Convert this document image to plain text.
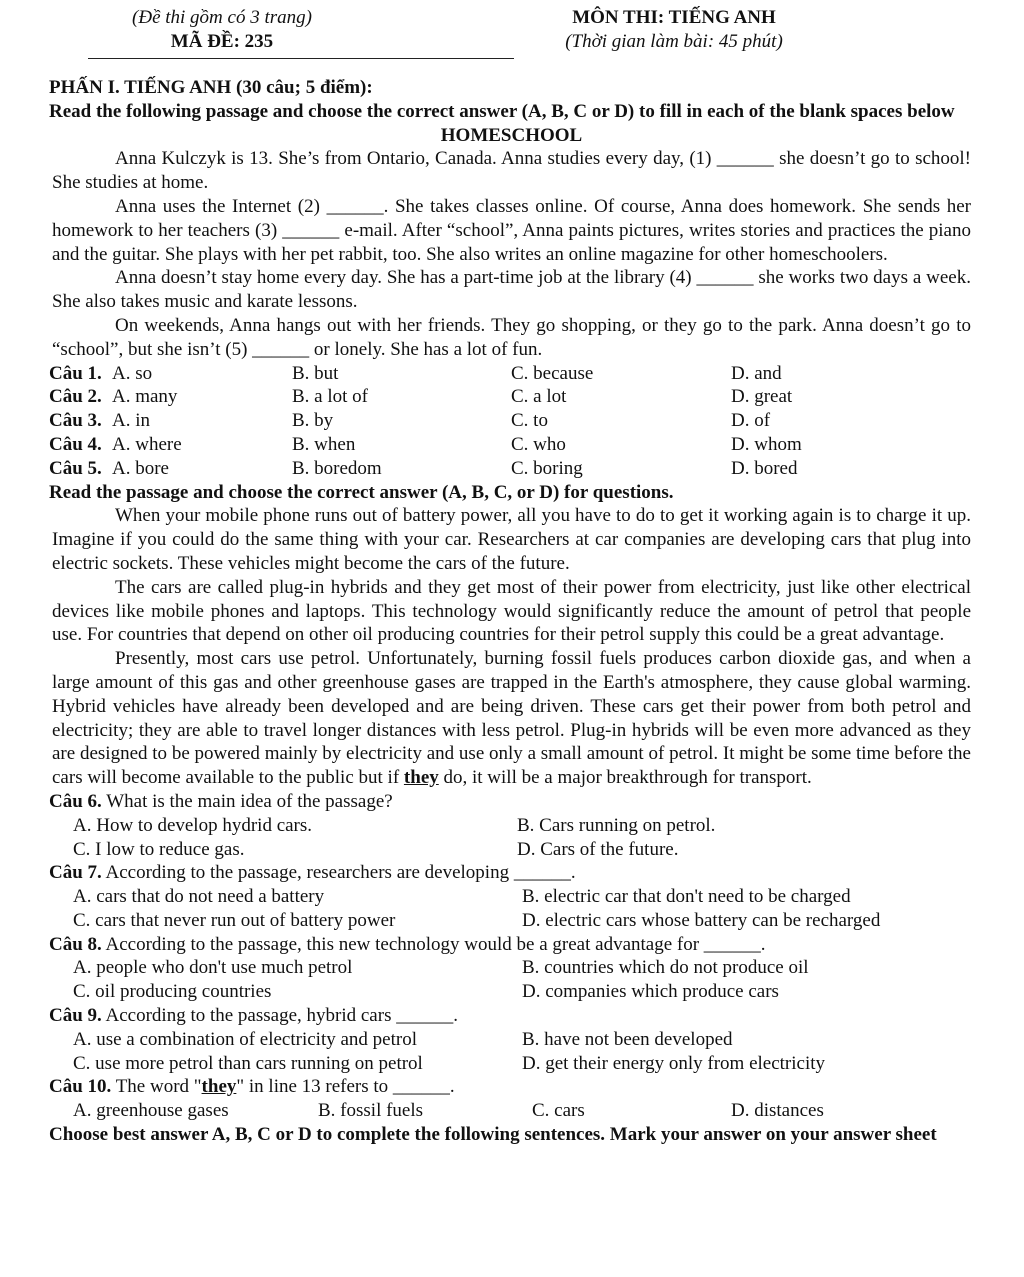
(Đề thi gồm có 3 trang)
MÃ ĐỀ: 235
MÔN THI: TIẾNG ANH
(Thời gian làm bài: 45 phút)

PHẤN I. TIẾNG ANH (30 câu; 5 điểm):

Read the following passage and choose the correct answer (A, B, C or D) to fill in each of the blank spaces below

HOMESCHOOL

Anna Kulczyk is 13. She’s from Ontario, Canada. Anna studies every day, (1) ______ she doesn’t go to school! She studies at home.

Anna uses the Internet (2) ______. She takes classes online. Of course, Anna does homework. She sends her homework to her teachers (3) ______ e-mail. After “school”, Anna paints pictures, writes stories and practices the piano and the guitar. She plays with her pet rabbit, too. She also writes an online magazine for other homeschoolers.

Anna doesn’t stay home every day. She has a part-time job at the library (4) ______ she works two days a week. She also takes music and karate lessons.

On weekends, Anna hangs out with her friends. They go shopping, or they go to the park. Anna doesn’t go to “school”, but she isn’t (5) ______ or lonely. She has a lot of fun.

Câu 1. A. so	B. but	C. because	D. and
Câu 2. A. many	B. a lot of	C. a lot	D. great
Câu 3. A. in	B. by	C. to	D. of
Câu 4. A. where	B. when	C. who	D. whom
Câu 5. A. bore	B. boredom	C. boring	D. bored

Read the passage and choose the correct answer (A, B, C, or D) for questions.

When your mobile phone runs out of battery power, all you have to do to get it working again is to charge it up. Imagine if you could do the same thing with your car. Researchers at car companies are developing cars that plug into electric sockets. These vehicles might become the cars of the future.

The cars are called plug-in hybrids and they get most of their power from electricity, just like other electrical devices like mobile phones and laptops. This technology would significantly reduce the amount of petrol that people use. For countries that depend on other oil producing countries for their petrol supply this could be a great advantage.

Presently, most cars use petrol. Unfortunately, burning fossil fuels produces carbon dioxide gas, and when a large amount of this gas and other greenhouse gases are trapped in the Earth's atmosphere, they cause global warming. Hybrid vehicles have already been developed and are being driven. These cars get their power from both petrol and electricity; they are able to travel longer distances with less petrol. Plug-in hybrids will be even more advanced as they are designed to be powered mainly by electricity and use only a small amount of petrol. It might be some time before the cars will become available to the public but if they do, it will be a major breakthrough for transport.

Câu 6. What is the main idea of the passage?

A. How to develop hydrid cars.	B. Cars running on petrol.
C. I low to reduce gas.	D. Cars of the future.

Câu 7. According to the passage, researchers are developing ______.

A. cars that do not need a battery	B. electric car that don't need to be charged
C. cars that never run out of battery power	D. electric cars whose battery can be recharged

Câu 8. According to the passage, this new technology would be a great advantage for ______.

A. people who don't use much petrol	B. countries which do not produce oil
C. oil producing countries	D. companies which produce cars

Câu 9. According to the passage, hybrid cars ______.

A. use a combination of electricity and petrol	B. have not been developed
C. use more petrol than cars running on petrol	D. get their energy only from electricity

Câu 10. The word "they" in line 13 refers to ______.

A. greenhouse gases	B. fossil fuels	C. cars	D. distances

Choose best answer A, B, C or D to complete the following sentences. Mark your answer on your answer sheet
